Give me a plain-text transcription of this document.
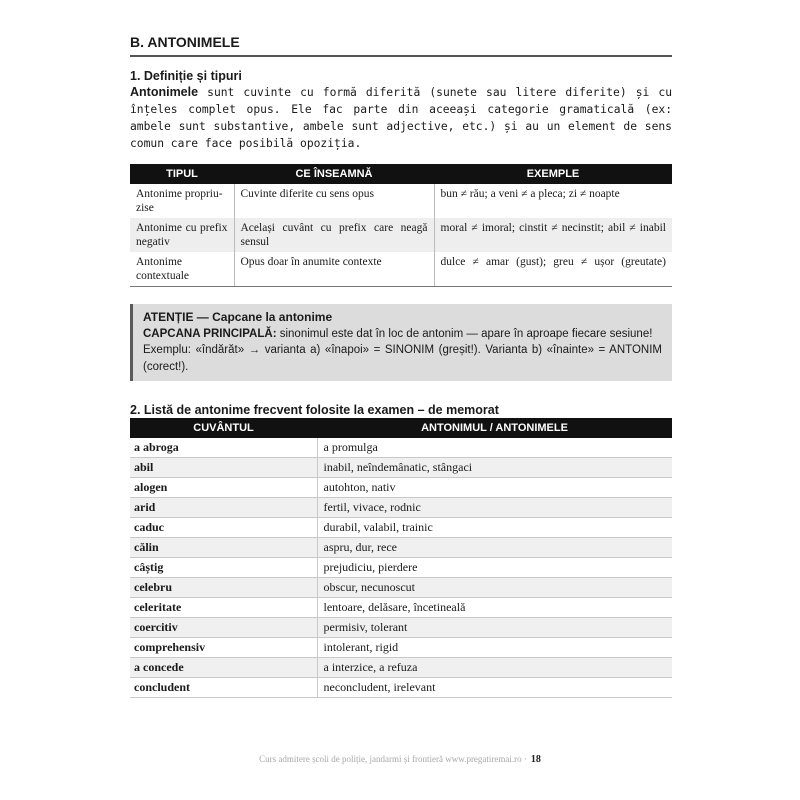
B. ANTONIMELE
1. Definiție și tipuri
Antonimele sunt cuvinte cu formă diferită (sunete sau litere diferite) și cu înțeles complet opus. Ele fac parte din aceeași categorie gramaticală (ex: ambele sunt substantive, ambele sunt adjective, etc.) și au un element de sens comun care face posibilă opoziția.
TIPUL	CE ÎNSEAMNĂ	EXEMPLE
Antonime propriu-zise	Cuvinte diferite cu sens opus	bun ≠ rău; a veni ≠ a pleca; zi ≠ noapte
Antonime cu prefix negativ	Același cuvânt cu prefix care neagă sensul	moral ≠ imoral; cinstit ≠ necinstit; abil ≠ inabil
Antonime contextuale	Opus doar în anumite contexte	dulce ≠ amar (gust); greu ≠ ușor (greutate)
ATENȚIE — Capcane la antonime
CAPCANA PRINCIPALĂ: sinonimul este dat în loc de antonim — apare în aproape fiecare sesiune!
Exemplu: «îndărăt» → varianta a) «înapoi» = SINONIM (greșit!). Varianta b) «înainte» = ANTONIM (corect!).
2. Listă de antonime frecvent folosite la examen – de memorat
CUVÂNTUL	ANTONIMUL / ANTONIMELE
a abroga	a promulga
abil	inabil, neîndemânatic, stângaci
alogen	autohton, nativ
arid	fertil, vivace, rodnic
caduc	durabil, valabil, trainic
călin	aspru, dur, rece
câștig	prejudiciu, pierdere
celebru	obscur, necunoscut
celeritate	lentoare, delăsare, încetineală
coercitiv	permisiv, tolerant
comprehensiv	intolerant, rigid
a concede	a interzice, a refuza
concludent	neconcludent, irelevant
Curs admitere școli de poliție, jandarmi și frontieră www.pregatiremai.ro · 18
